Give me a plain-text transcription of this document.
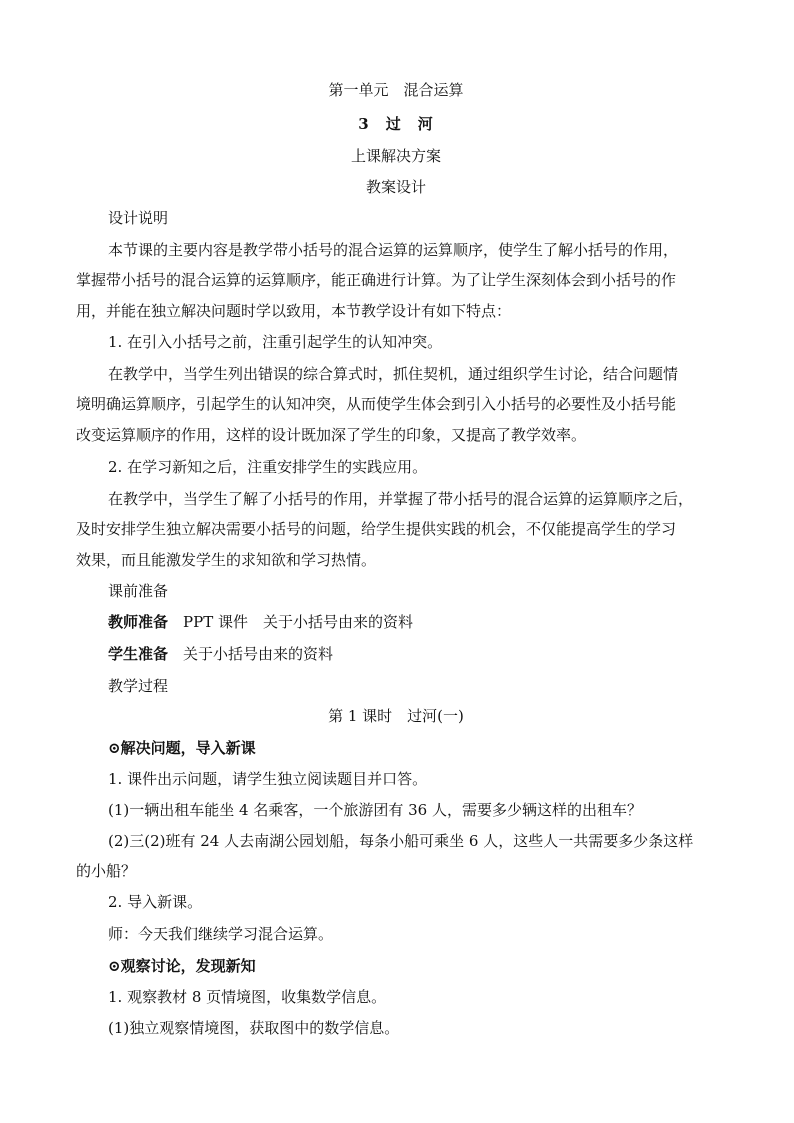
第一单元　混合运算
3　过　河
上课解决方案
教案设计
设计说明
本节课的主要内容是教学带小括号的混合运算的运算顺序，使学生了解小括号的作用，
掌握带小括号的混合运算的运算顺序，能正确进行计算。为了让学生深刻体会到小括号的作
用，并能在独立解决问题时学以致用，本节教学设计有如下特点：
1. 在引入小括号之前，注重引起学生的认知冲突。
在教学中，当学生列出错误的综合算式时，抓住契机，通过组织学生讨论，结合问题情
境明确运算顺序，引起学生的认知冲突，从而使学生体会到引入小括号的必要性及小括号能
改变运算顺序的作用，这样的设计既加深了学生的印象，又提高了教学效率。
2. 在学习新知之后，注重安排学生的实践应用。
在教学中，当学生了解了小括号的作用，并掌握了带小括号的混合运算的运算顺序之后，
及时安排学生独立解决需要小括号的问题，给学生提供实践的机会，不仅能提高学生的学习
效果，而且能激发学生的求知欲和学习热情。
课前准备
教师准备　 PPT 课件　关于小括号由来的资料
学生准备　 关于小括号由来的资料
教学过程
第 1 课时　过河(一)
⊙解决问题，导入新课
1. 课件出示问题，请学生独立阅读题目并口答。
(1)一辆出租车能坐 4 名乘客，一个旅游团有 36 人，需要多少辆这样的出租车？
(2)三(2)班有 24 人去南湖公园划船，每条小船可乘坐 6 人，这些人一共需要多少条这样
的小船？
2. 导入新课。
师：今天我们继续学习混合运算。
⊙观察讨论，发现新知
1. 观察教材 8 页情境图，收集数学信息。
(1)独立观察情境图，获取图中的数学信息。
